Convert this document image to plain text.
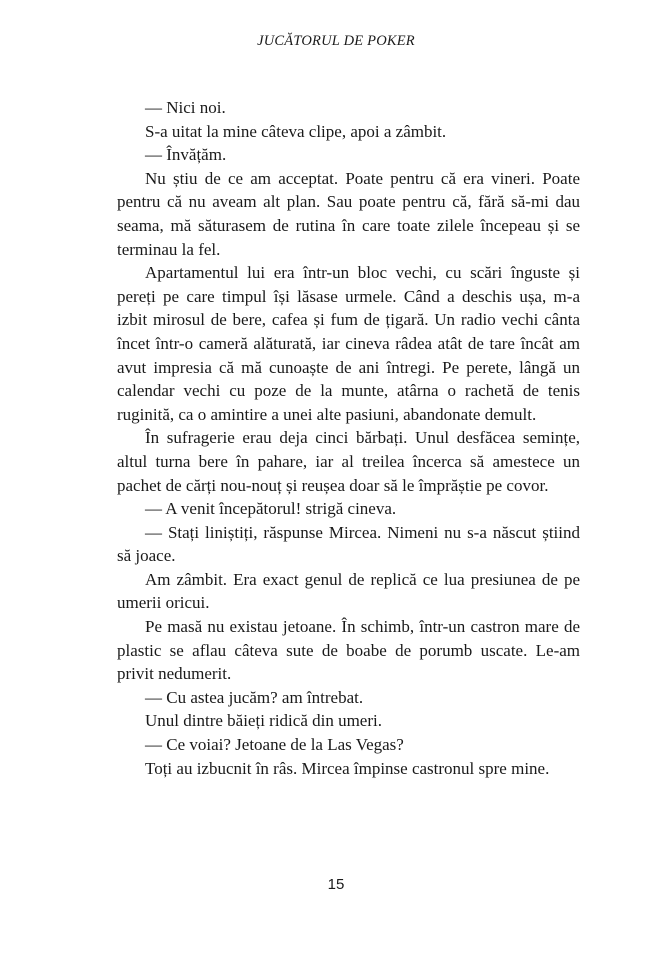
JUCĂTORUL DE POKER

— Nici noi.

S-a uitat la mine câteva clipe, apoi a zâmbit.

— Învățăm.

Nu știu de ce am acceptat. Poate pentru că era vineri. Poate pentru că nu aveam alt plan. Sau poate pentru că, fără să-mi dau seama, mă săturasem de rutina în care toate zilele începeau și se terminau la fel.

Apartamentul lui era într-un bloc vechi, cu scări înguste și pereți pe care timpul își lăsase urmele. Când a deschis ușa, m-a izbit mirosul de bere, cafea și fum de țigară. Un radio vechi cânta încet într-o cameră alăturată, iar cineva râdea atât de tare încât am avut impresia că mă cunoaște de ani întregi. Pe perete, lângă un calendar vechi cu poze de la munte, atârna o rachetă de tenis ruginită, ca o amintire a unei alte pasiuni, abandonate demult.

În sufragerie erau deja cinci bărbați. Unul desfăcea semințe, altul turna bere în pahare, iar al treilea încerca să amestece un pachet de cărți nou-nouț și reușea doar să le împrăștie pe covor.

— A venit începătorul! strigă cineva.

— Stați liniștiți, răspunse Mircea. Nimeni nu s-a născut știind să joace.

Am zâmbit. Era exact genul de replică ce lua presiunea de pe umerii oricui.

Pe masă nu existau jetoane. În schimb, într-un castron mare de plastic se aflau câteva sute de boabe de porumb uscate. Le-am privit nedumerit.

— Cu astea jucăm? am întrebat.

Unul dintre băieți ridică din umeri.

— Ce voiai? Jetoane de la Las Vegas?

Toți au izbucnit în râs. Mircea împinse castronul spre mine.

15
